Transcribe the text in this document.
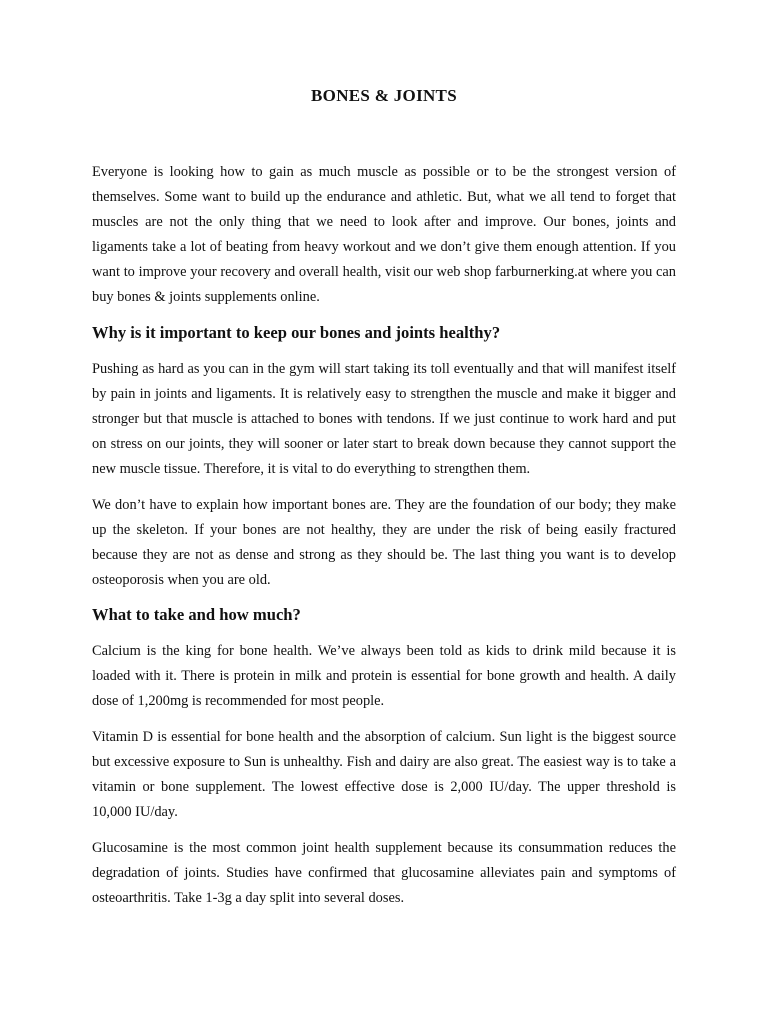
BONES & JOINTS

Everyone is looking how to gain as much muscle as possible or to be the strongest version of themselves. Some want to build up the endurance and athletic. But, what we all tend to forget that muscles are not the only thing that we need to look after and improve. Our bones, joints and ligaments take a lot of beating from heavy workout and we don’t give them enough attention. If you want to improve your recovery and overall health, visit our web shop farburnerking.at where you can buy bones & joints supplements online.

Why is it important to keep our bones and joints healthy?

Pushing as hard as you can in the gym will start taking its toll eventually and that will manifest itself by pain in joints and ligaments. It is relatively easy to strengthen the muscle and make it bigger and stronger but that muscle is attached to bones with tendons. If we just continue to work hard and put on stress on our joints, they will sooner or later start to break down because they cannot support the new muscle tissue. Therefore, it is vital to do everything to strengthen them.

We don’t have to explain how important bones are. They are the foundation of our body; they make up the skeleton. If your bones are not healthy, they are under the risk of being easily fractured because they are not as dense and strong as they should be. The last thing you want is to develop osteoporosis when you are old.

What to take and how much?

Calcium is the king for bone health. We’ve always been told as kids to drink mild because it is loaded with it. There is protein in milk and protein is essential for bone growth and health. A daily dose of 1,200mg is recommended for most people.

Vitamin D is essential for bone health and the absorption of calcium. Sun light is the biggest source but excessive exposure to Sun is unhealthy. Fish and dairy are also great. The easiest way is to take a vitamin or bone supplement. The lowest effective dose is 2,000 IU/day. The upper threshold is 10,000 IU/day.

Glucosamine is the most common joint health supplement because its consummation reduces the degradation of joints. Studies have confirmed that glucosamine alleviates pain and symptoms of osteoarthritis. Take 1-3g a day split into several doses.
